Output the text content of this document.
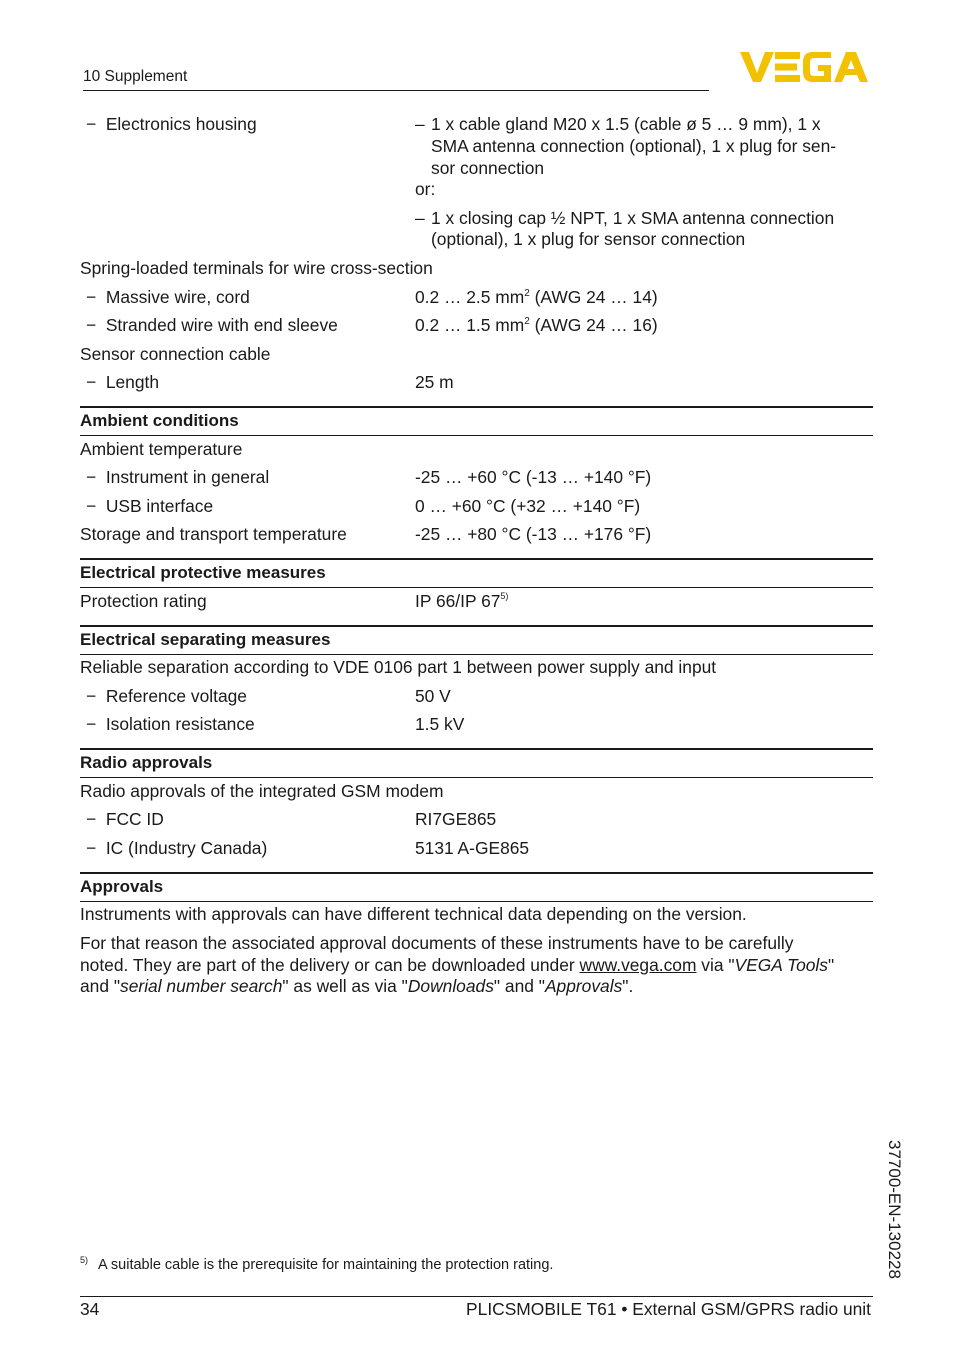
10 Supplement
− Electronics housing	– 1 x cable gland M20 x 1.5 (cable ø 5 … 9 mm), 1 x
SMA antenna connection (optional), 1 x plug for sen-
sor connection
or:
– 1 x closing cap ½ NPT, 1 x SMA antenna connection
(optional), 1 x plug for sensor connection
Spring-loaded terminals for wire cross-section
− Massive wire, cord	0.2 … 2.5 $mm^2$ (AWG 24 … 14)
− Stranded wire with end sleeve	0.2 … 1.5 $mm^2$ (AWG 24 … 16)
Sensor connection cable
− Length	25 m
Ambient conditions
Ambient temperature
− Instrument in general	-25 … +60 °C (-13 … +140 °F)
− USB interface	0 … +60 °C (+32 … +140 °F)
Storage and transport temperature	-25 … +80 °C (-13 … +176 °F)
Electrical protective measures
Protection rating	IP 66/IP 67$^{5)}$
Electrical separating measures
Reliable separation according to VDE 0106 part 1 between power supply and input
− Reference voltage	50 V
− Isolation resistance	1.5 kV
Radio approvals
Radio approvals of the integrated GSM modem
− FCC ID	RI7GE865
− IC (Industry Canada)	5131 A-GE865
Approvals
Instruments with approvals can have different technical data depending on the version.
For that reason the associated approval documents of these instruments have to be carefully
noted. They are part of the delivery or can be downloaded under www.vega.com via "VEGA Tools"
and "serial number search" as well as via "Downloads" and "Approvals".
37700-EN-130228
$^{5)}$ A suitable cable is the prerequisite for maintaining the protection rating.
34	PLICSMOBILE T61 • External GSM/GPRS radio unit
